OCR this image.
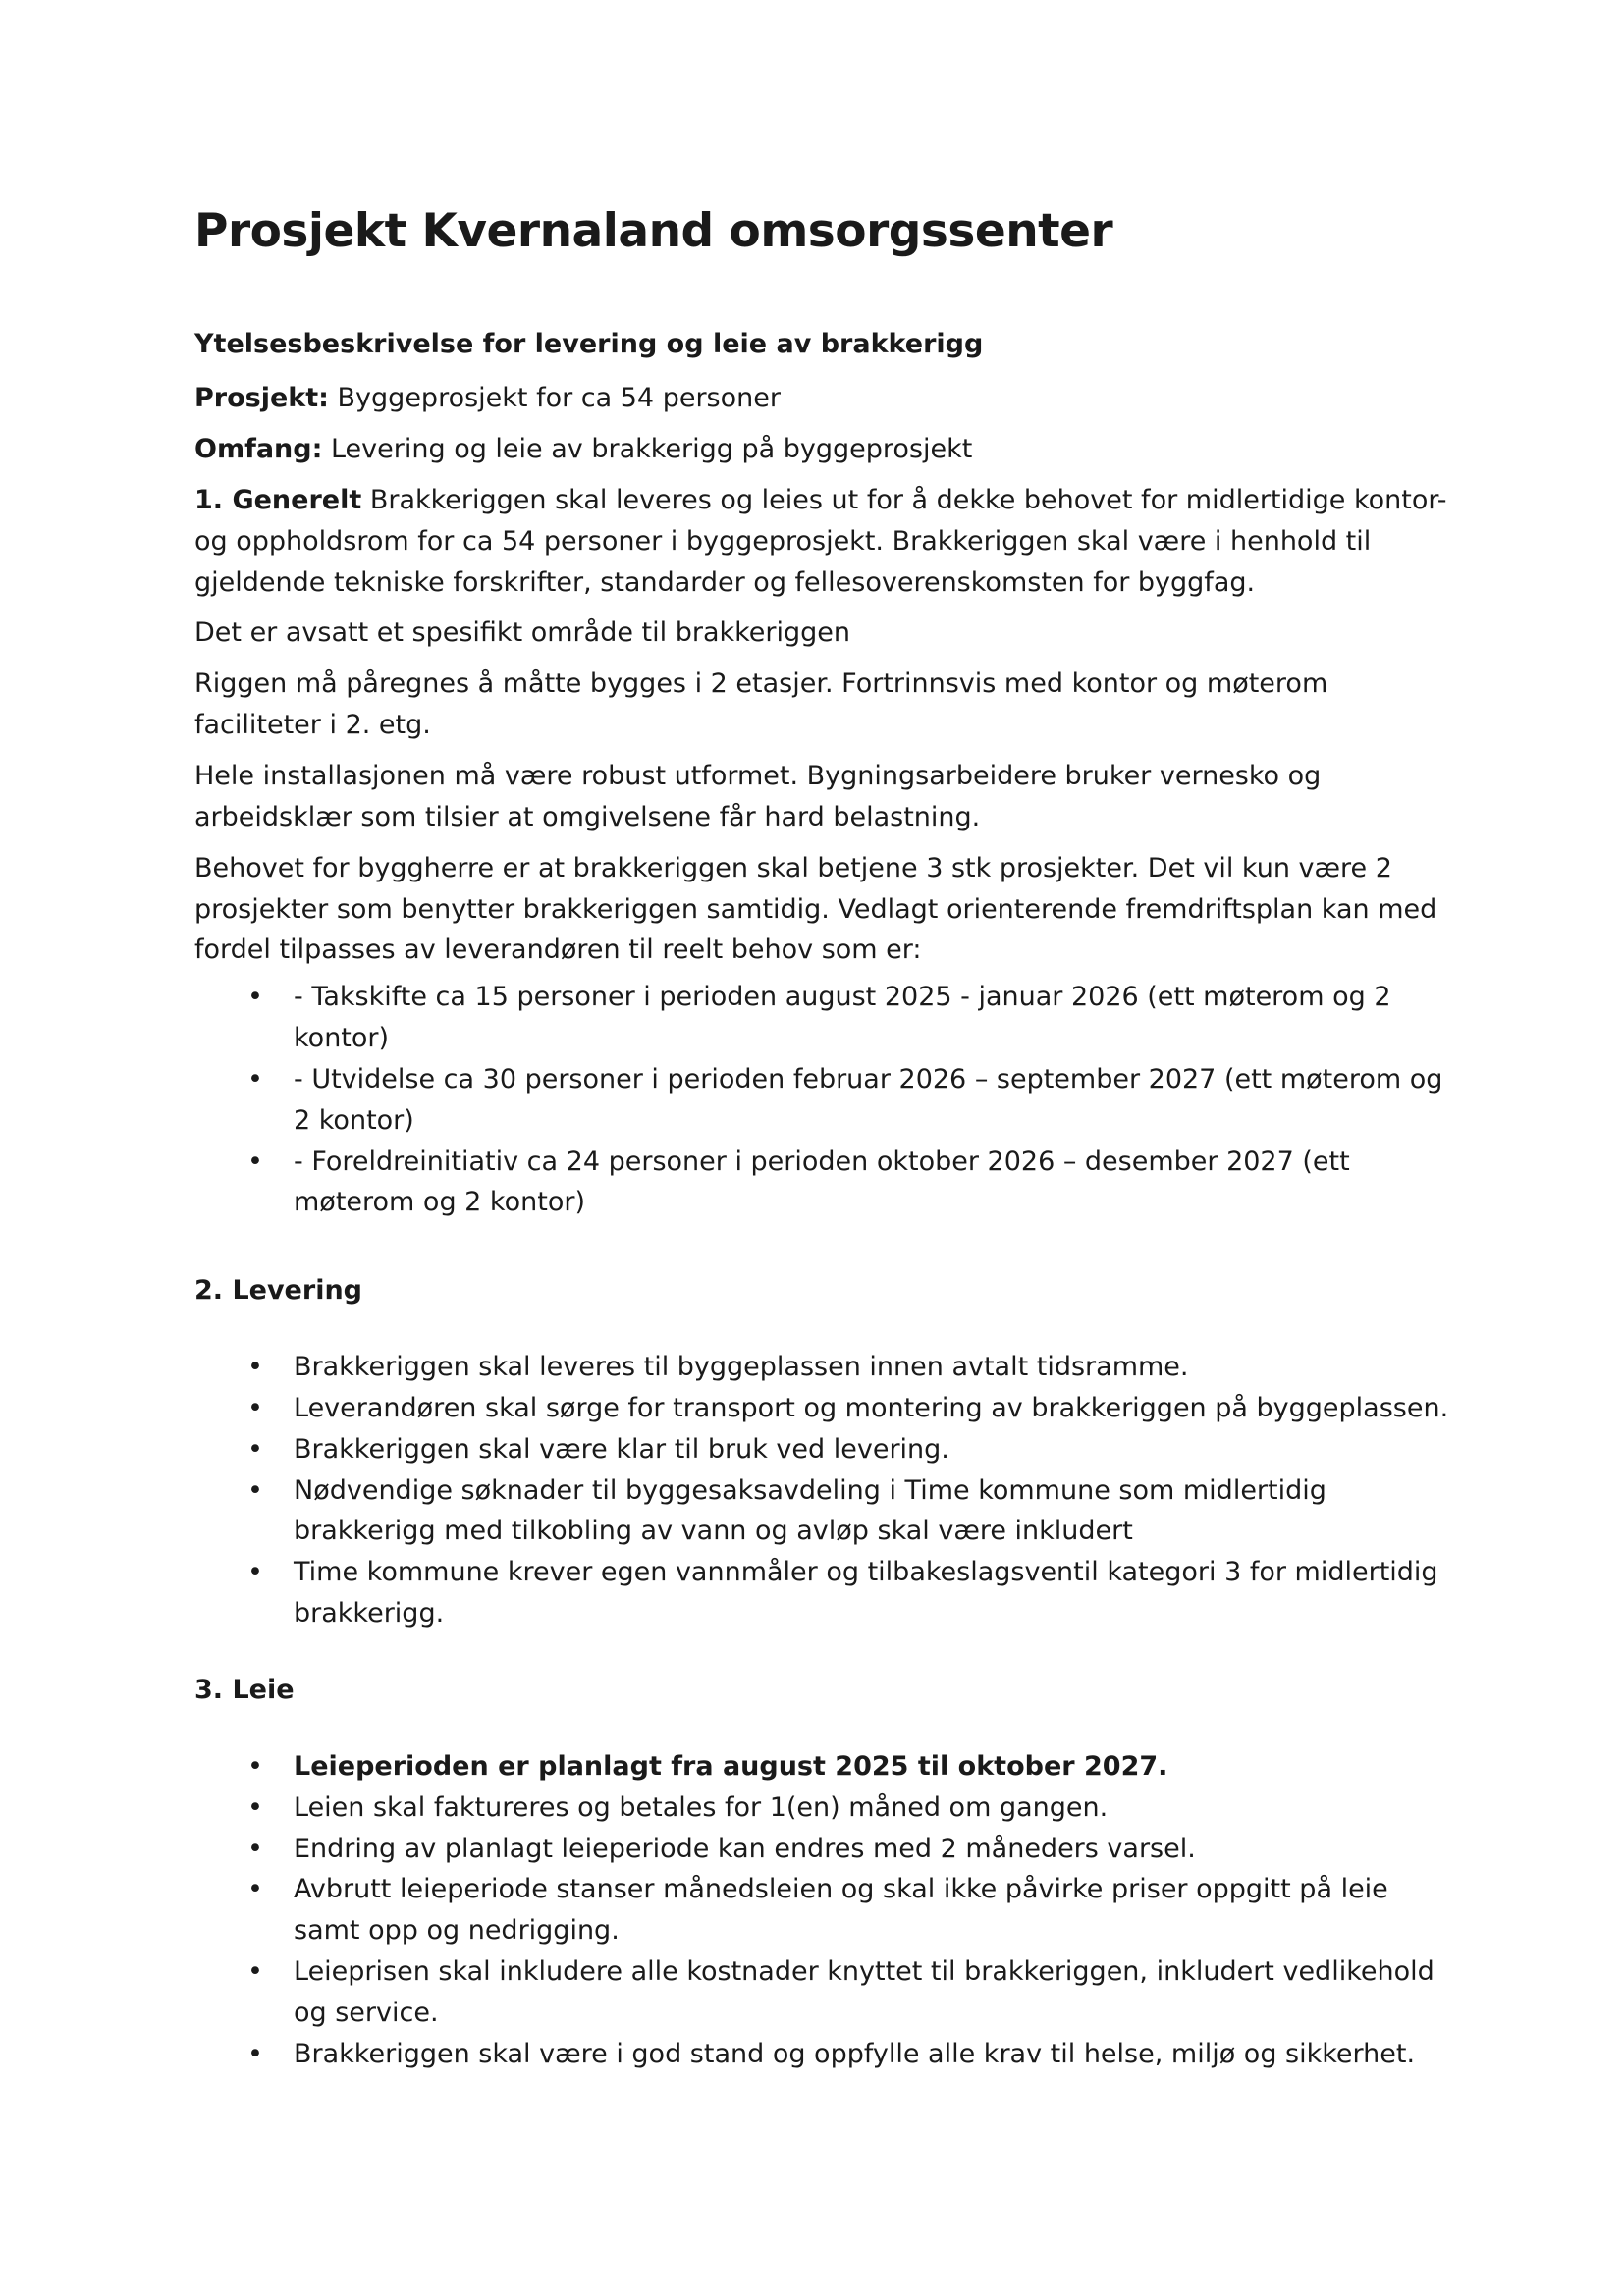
Prosjekt Kvernaland omsorgssenter
Ytelsesbeskrivelse for levering og leie av brakkerigg

Prosjekt: Byggeprosjekt for ca 54 personer

Omfang: Levering og leie av brakkerigg på byggeprosjekt

1. Generelt Brakkeriggen skal leveres og leies ut for å dekke behovet for midlertidige kontor- og oppholdsrom for ca 54 personer i byggeprosjekt. Brakkeriggen skal være i henhold til gjeldende tekniske forskrifter, standarder og fellesoverenskomsten for byggfag.

Det er avsatt et spesifikt område til brakkeriggen

Riggen må påregnes å måtte bygges i 2 etasjer. Fortrinnsvis med kontor og møterom faciliteter i 2. etg.

Hele installasjonen må være robust utformet. Bygningsarbeidere bruker vernesko og arbeidsklær som tilsier at omgivelsene får hard belastning.

Behovet for byggherre er at brakkeriggen skal betjene 3 stk prosjekter. Det vil kun være 2 prosjekter som benytter brakkeriggen samtidig. Vedlagt orienterende fremdriftsplan kan med fordel tilpasses av leverandøren til reelt behov som er:

• - Takskifte ca 15 personer i perioden august 2025 - januar 2026 (ett møterom og 2 kontor)
• - Utvidelse ca 30 personer i perioden februar 2026 – september 2027 (ett møterom og 2 kontor)
• - Foreldreinitiativ ca 24 personer i perioden oktober 2026 – desember 2027 (ett møterom og 2 kontor)
2. Levering
• Brakkeriggen skal leveres til byggeplassen innen avtalt tidsramme.
• Leverandøren skal sørge for transport og montering av brakkeriggen på byggeplassen.
• Brakkeriggen skal være klar til bruk ved levering.
• Nødvendige søknader til byggesaksavdeling i Time kommune som midlertidig brakkerigg med tilkobling av vann og avløp skal være inkludert
• Time kommune krever egen vannmåler og tilbakeslagsventil kategori 3 for midlertidig brakkerigg.
3. Leie
• Leieperioden er planlagt fra august 2025 til oktober 2027.
• Leien skal faktureres og betales for 1(en) måned om gangen.
• Endring av planlagt leieperiode kan endres med 2 måneders varsel.
• Avbrutt leieperiode stanser månedsleien og skal ikke påvirke priser oppgitt på leie samt opp og nedrigging.
• Leieprisen skal inkludere alle kostnader knyttet til brakkeriggen, inkludert vedlikehold og service.
• Brakkeriggen skal være i god stand og oppfylle alle krav til helse, miljø og sikkerhet.
